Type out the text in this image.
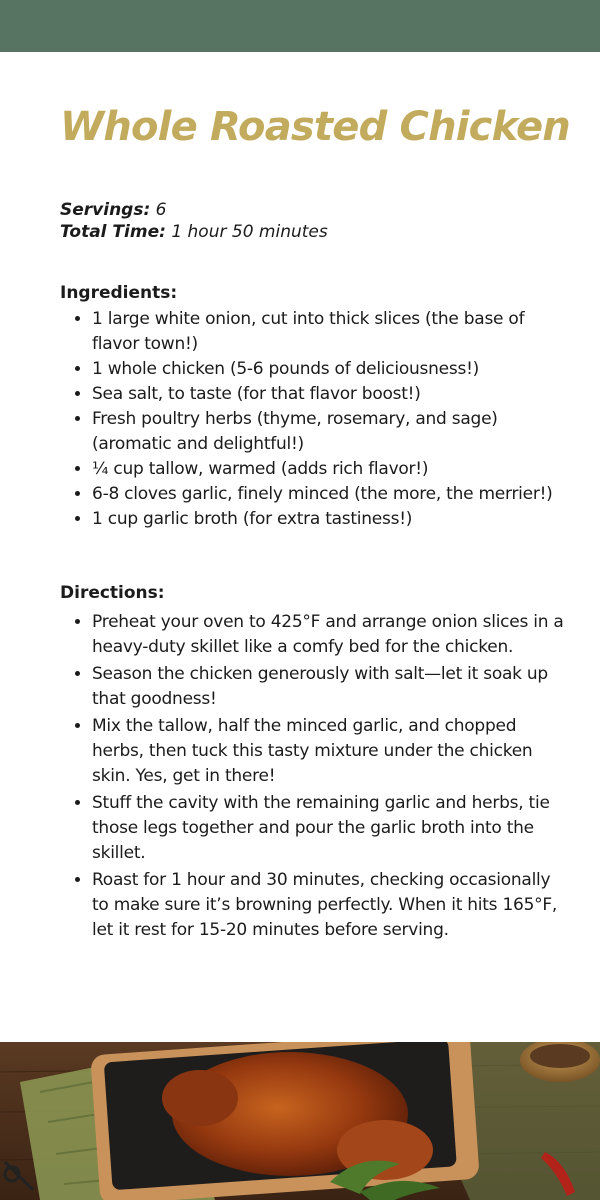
Whole Roasted Chicken
Servings: 6
Total Time: 1 hour 50 minutes
Ingredients:
• 1 large white onion, cut into thick slices (the base of flavor town!)
• 1 whole chicken (5-6 pounds of deliciousness!)
• Sea salt, to taste (for that flavor boost!)
• Fresh poultry herbs (thyme, rosemary, and sage) (aromatic and delightful!)
• ¼ cup tallow, warmed (adds rich flavor!)
• 6-8 cloves garlic, finely minced (the more, the merrier!)
• 1 cup garlic broth (for extra tastiness!)
Directions:
• Preheat your oven to 425°F and arrange onion slices in a heavy-duty skillet like a comfy bed for the chicken.
• Season the chicken generously with salt—let it soak up that goodness!
• Mix the tallow, half the minced garlic, and chopped herbs, then tuck this tasty mixture under the chicken skin. Yes, get in there!
• Stuff the cavity with the remaining garlic and herbs, tie those legs together and pour the garlic broth into the skillet.
• Roast for 1 hour and 30 minutes, checking occasionally to make sure it’s browning perfectly. When it hits 165°F, let it rest for 15-20 minutes before serving.
